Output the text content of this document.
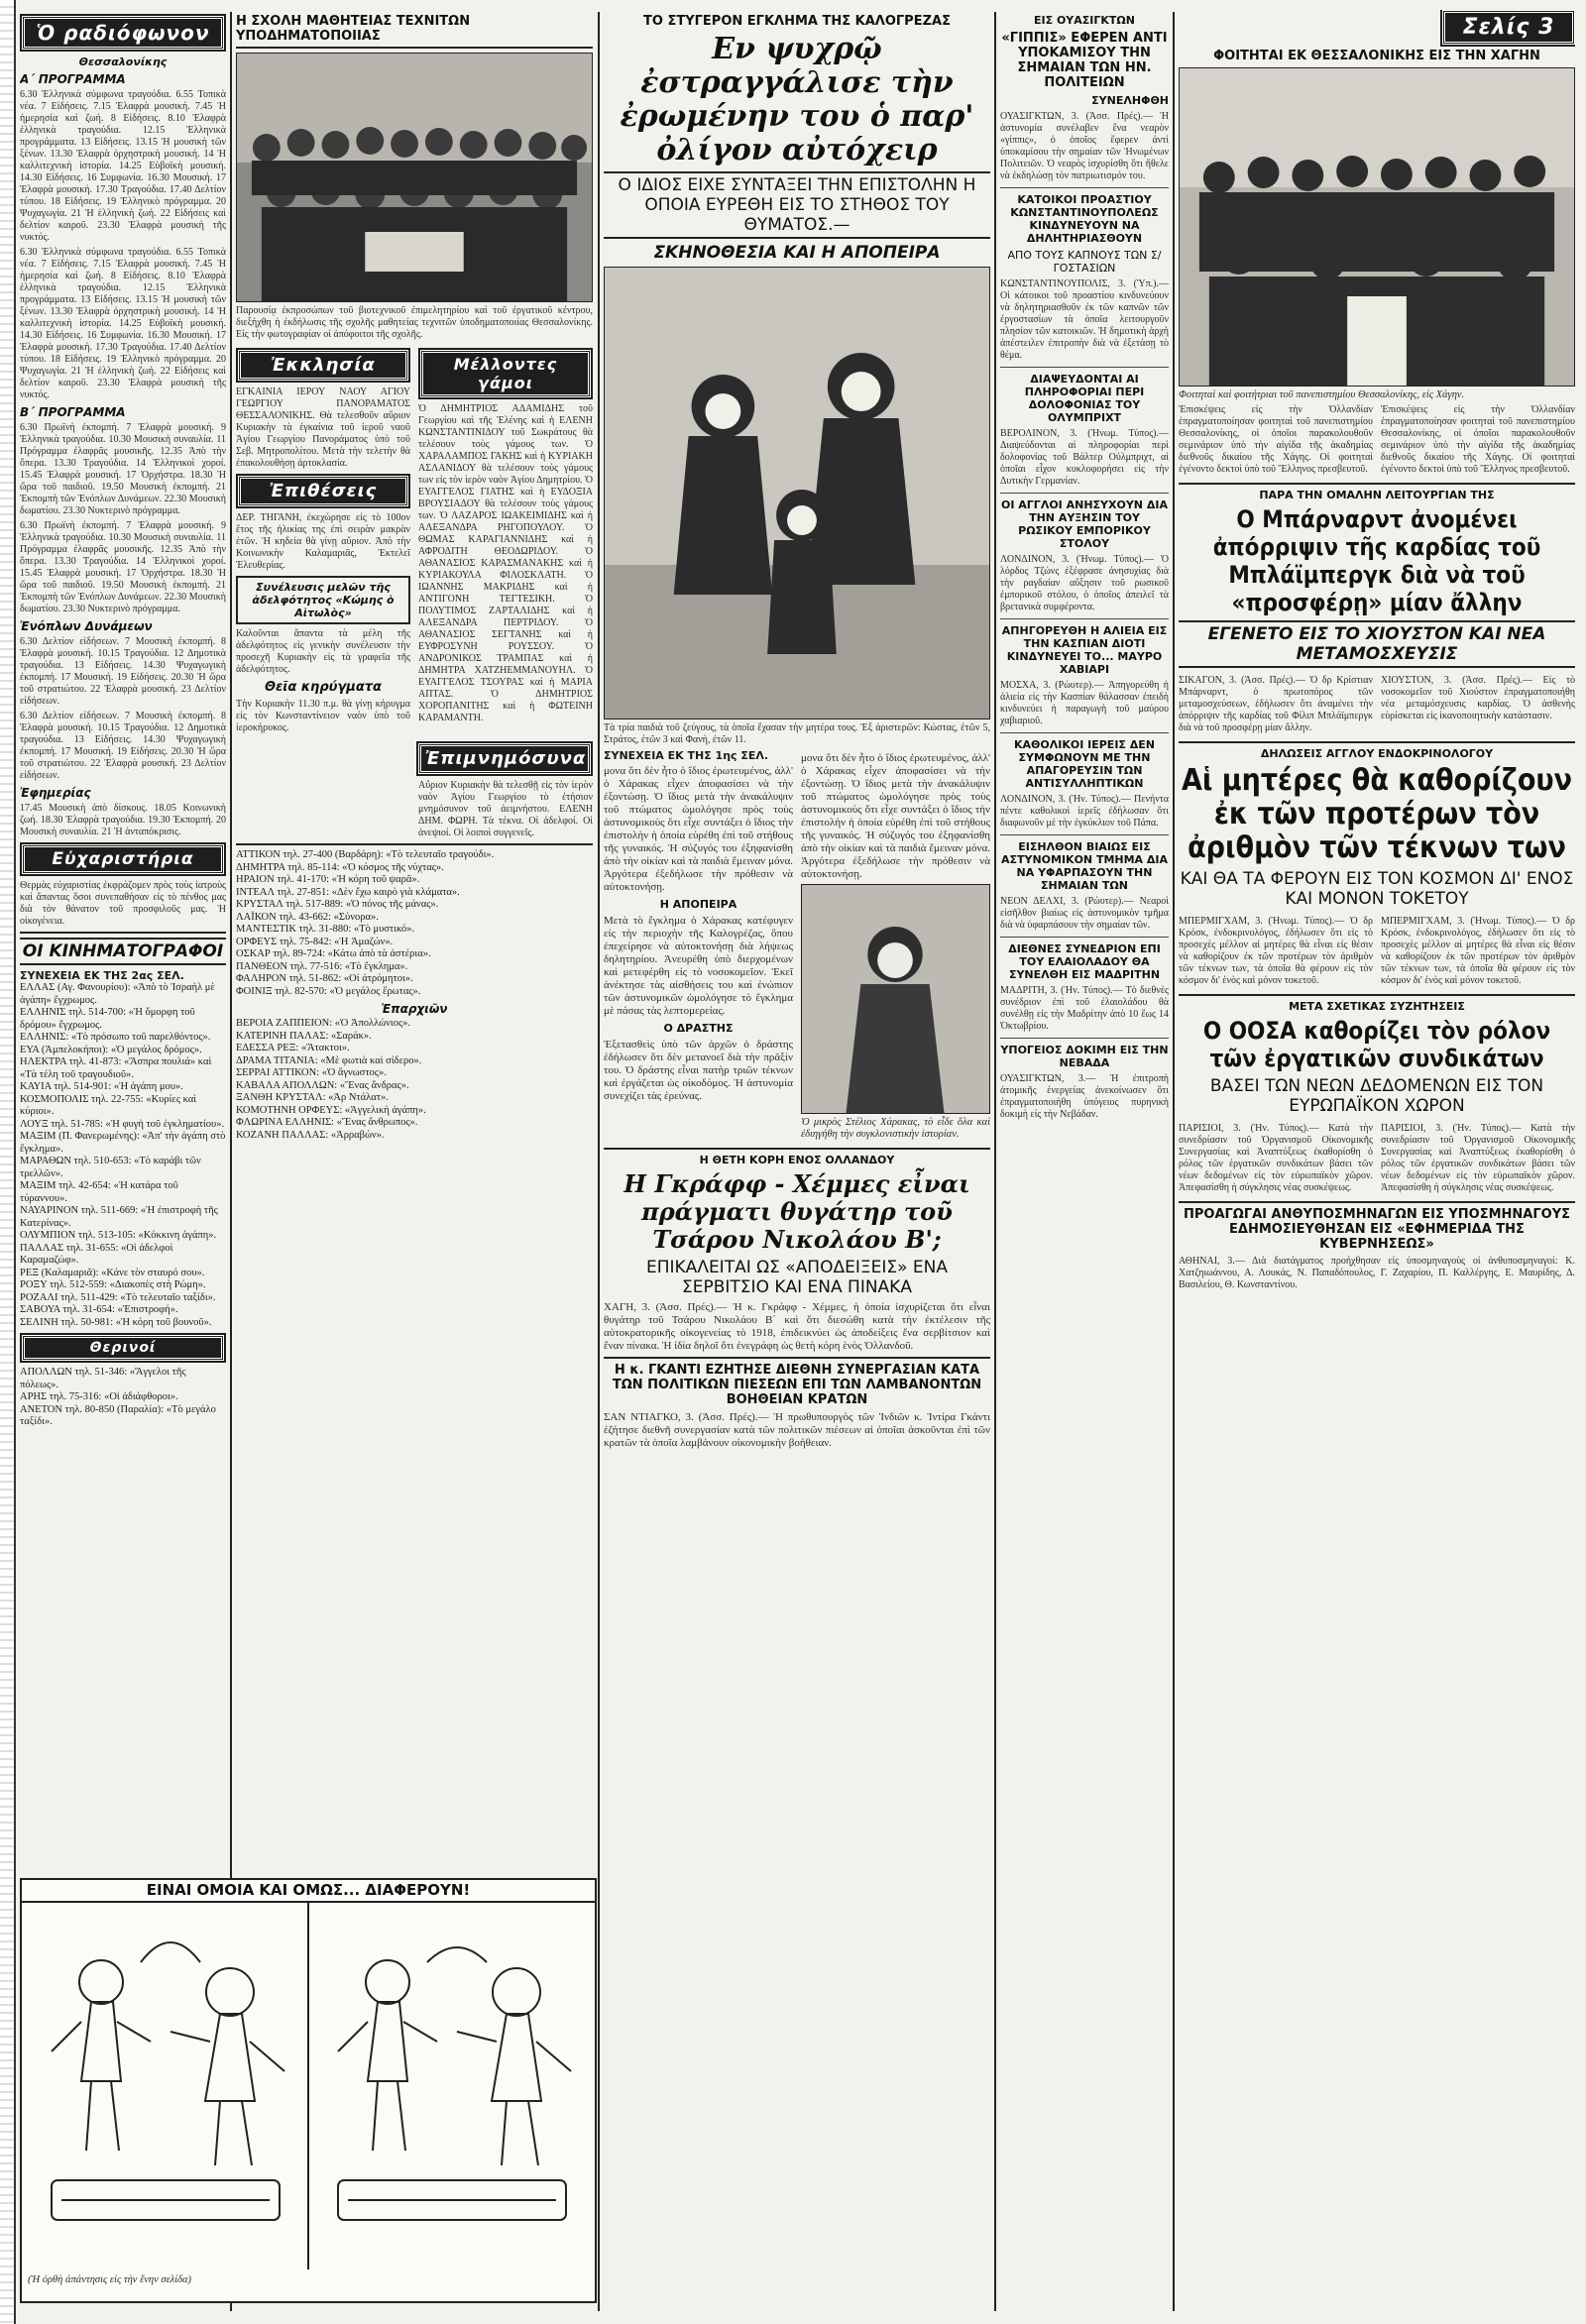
Ὁ ραδιόφωνον
Θεσσαλονίκης
Α΄ ΠΡΟΓΡΑΜΜΑ

6.30 Ἑλληνικὰ σύμφωνα τραγούδια. 6.55 Τοπικὰ νέα. 7 Εἰδήσεις. 7.15 Ἐλαφρὰ μουσική. 7.45 Ἡ ἡμερησία καὶ ζωή. 8 Εἰδήσεις. 8.10 Ἐλαφρὰ ἑλληνικὰ τραγούδια. 12.15 Ἑλληνικὰ προγράμματα. 13 Εἰδήσεις. 13.15 Ἡ μουσικὴ τῶν ξένων. 13.30 Ἐλαφρὰ ὀρχηστρικὴ μουσική. 14 Ἡ καλλιτεχνικὴ ἱστορία. 14.25 Εὐβοϊκὴ μουσική. 14.30 Εἰδήσεις. 16 Συμφωνία. 16.30 Μουσική. 17 Ἐλαφρὰ μουσική. 17.30 Τραγούδια. 17.40 Δελτίον τύπου. 18 Εἰδήσεις. 19 Ἐλληνικὸ πρόγραμμα. 20 Ψυχαγωγία. 21 Ἡ ἑλληνικὴ ζωή. 22 Εἰδήσεις καὶ δελτίον καιροῦ. 23.30 Ἐλαφρὰ μουσικὴ τῆς νυκτός.

6.30 Ἑλληνικὰ σύμφωνα τραγούδια. 6.55 Τοπικὰ νέα. 7 Εἰδήσεις. 7.15 Ἐλαφρὰ μουσική. 7.45 Ἡ ἡμερησία καὶ ζωή. 8 Εἰδήσεις. 8.10 Ἐλαφρὰ ἑλληνικὰ τραγούδια. 12.15 Ἑλληνικὰ προγράμματα. 13 Εἰδήσεις. 13.15 Ἡ μουσικὴ τῶν ξένων. 13.30 Ἐλαφρὰ ὀρχηστρικὴ μουσική. 14 Ἡ καλλιτεχνικὴ ἱστορία. 14.25 Εὐβοϊκὴ μουσική. 14.30 Εἰδήσεις. 16 Συμφωνία. 16.30 Μουσική. 17 Ἐλαφρὰ μουσική. 17.30 Τραγούδια. 17.40 Δελτίον τύπου. 18 Εἰδήσεις. 19 Ἐλληνικὸ πρόγραμμα. 20 Ψυχαγωγία. 21 Ἡ ἑλληνικὴ ζωή. 22 Εἰδήσεις καὶ δελτίον καιροῦ. 23.30 Ἐλαφρὰ μουσικὴ τῆς νυκτός.

Β΄ ΠΡΟΓΡΑΜΜΑ

6.30 Πρωϊνὴ ἐκπομπή. 7 Ἐλαφρὰ μουσική. 9 Ἑλληνικὰ τραγούδια. 10.30 Μουσικὴ συναυλία. 11 Πρόγραμμα ἐλαφρᾶς μουσικῆς. 12.35 Ἀπὸ τὴν ὄπερα. 13.30 Τραγούδια. 14 Ἐλληνικοὶ χοροί. 15.45 Ἐλαφρὰ μουσική. 17 Ὀρχήστρα. 18.30 Ἡ ὥρα τοῦ παιδιοῦ. 19.50 Μουσικὴ ἐκπομπή. 21 Ἐκπομπὴ τῶν Ἐνόπλων Δυνάμεων. 22.30 Μουσικὴ δωματίου. 23.30 Νυκτερινὸ πρόγραμμα.

6.30 Πρωϊνὴ ἐκπομπή. 7 Ἐλαφρὰ μουσική. 9 Ἑλληνικὰ τραγούδια. 10.30 Μουσικὴ συναυλία. 11 Πρόγραμμα ἐλαφρᾶς μουσικῆς. 12.35 Ἀπὸ τὴν ὄπερα. 13.30 Τραγούδια. 14 Ἐλληνικοὶ χοροί. 15.45 Ἐλαφρὰ μουσική. 17 Ὀρχήστρα. 18.30 Ἡ ὥρα τοῦ παιδιοῦ. 19.50 Μουσικὴ ἐκπομπή. 21 Ἐκπομπὴ τῶν Ἐνόπλων Δυνάμεων. 22.30 Μουσικὴ δωματίου. 23.30 Νυκτερινὸ πρόγραμμα.

Ἐνόπλων Δυνάμεων

6.30 Δελτίον εἰδήσεων. 7 Μουσικὴ ἐκπομπή. 8 Ἐλαφρὰ μουσική. 10.15 Τραγούδια. 12 Δημοτικὰ τραγούδια. 13 Εἰδήσεις. 14.30 Ψυχαγωγικὴ ἐκπομπή. 17 Μουσική. 19 Εἰδήσεις. 20.30 Ἡ ὥρα τοῦ στρατιώτου. 22 Ἐλαφρὰ μουσική. 23 Δελτίον εἰδήσεων.

6.30 Δελτίον εἰδήσεων. 7 Μουσικὴ ἐκπομπή. 8 Ἐλαφρὰ μουσική. 10.15 Τραγούδια. 12 Δημοτικὰ τραγούδια. 13 Εἰδήσεις. 14.30 Ψυχαγωγικὴ ἐκπομπή. 17 Μουσική. 19 Εἰδήσεις. 20.30 Ἡ ὥρα τοῦ στρατιώτου. 22 Ἐλαφρὰ μουσική. 23 Δελτίον εἰδήσεων.

Ἐφημερίας

17.45 Μουσικὴ ἀπὸ δίσκους. 18.05 Κοινωνικὴ ζωή. 18.30 Ἐλαφρὰ τραγούδια. 19.30 Ἐκπομπή. 20 Μουσικὴ συναυλία. 21 Ἡ ἀνταπόκρισις.

Εὐχαριστήρια

Θερμὰς εὐχαριστίας ἐκφράζομεν πρὸς τοὺς ἰατροὺς καὶ ἅπαντας ὅσοι συνεπαθήσαν εἰς τὸ πένθος μας διὰ τὸν θάνατον τοῦ προσφιλοῦς μας. Ἡ οἰκογένεια.

ΟΙ ΚΙΝΗΜΑΤΟΓΡΑΦΟΙ
ΣΥΝΕΧΕΙΑ ΕΚ ΤΗΣ 2ας ΣΕΛ.

ΕΛΛΑΣ (Αγ. Φανουρίου): «Ἀπὸ τὸ Ἰσραὴλ μὲ ἀγάπη» ἔγχρωμος.

ΕΛΛΗΝΙΣ τηλ. 514-700: «Ἡ ὄμορφη τοῦ δρόμου» ἔγχρωμος.

ΕΛΛΗΝΙΣ: «Τὸ πρόσωπο τοῦ παρελθόντος».

ΕΥΑ (Ἀμπελοκήποι): «Ὁ μεγάλος δρόμος».

ΗΛΕΚΤΡΑ τηλ. 41-873: «Ἄσπρα πουλιά» καὶ «Τὰ τέλη τοῦ τραγουδιοῦ».

ΚΑΥΙΑ τηλ. 514-901: «Ἡ ἀγάπη μου».

ΚΟΣΜΟΠΟΛΙΣ τηλ. 22-755: «Κυρίες καὶ κύριοι».

ΛΟΥΞ τηλ. 51-785: «Ἡ φυγὴ τοῦ ἐγκληματίου».

ΜΑΞΙΜ (Π. Φανερωμένης): «Ἀπ' τὴν ἀγάπη στὸ ἔγκλημα».

ΜΑΡΑΘΩΝ τηλ. 510-653: «Τὸ καράβι τῶν τρελλῶν».

ΜΑΞΙΜ τηλ. 42-654: «Ἡ κατάρα τοῦ τύραννου».

ΝΑΥΑΡΙΝΟΝ τηλ. 511-669: «Ἡ ἐπιστροφὴ τῆς Κατερίνας».

ΟΛΥΜΠΙΟΝ τηλ. 513-105: «Κόκκινη ἀγάπη».

ΠΑΛΛΑΣ τηλ. 31-655: «Οἱ ἀδελφοὶ Καραμαζώφ».

ΡΕΞ (Καλαμαριᾶ): «Κάνε τὸν σταυρό σου».

ΡΟΞΥ τηλ. 512-559: «Διακοπὲς στὴ Ρώμη».

ΡΟΖΑΛΙ τηλ. 511-429: «Τὸ τελευταῖο ταξίδι».

ΣΑΒΟΥΑ τηλ. 31-654: «Ἐπιστροφή».

ΣΕΛΙΝΗ τηλ. 50-981: «Ἡ κόρη τοῦ βουνοῦ».

Θερινοί

ΑΠΟΛΛΩΝ τηλ. 51-346: «Ἄγγελοι τῆς πόλεως».

ΑΡΗΣ τηλ. 75-316: «Οἱ ἀδιάφθοροι».

ΑΝΕΤΟΝ τηλ. 80-850 (Παραλία): «Τὸ μεγάλο ταξίδι».

ΕΙΝΑΙ ΟΜΟΙΑ ΚΑΙ ΟΜΩΣ... ΔΙΑΦΕΡΟΥΝ!
(Ἡ ὀρθὴ ἀπάντησις εἰς τὴν ἕνην σελίδα)
Η ΣΧΟΛΗ ΜΑΘΗΤΕΙΑΣ ΤΕΧΝΙΤΩΝ ΥΠΟΔΗΜΑΤΟΠΟΙΙΑΣ

Παρουσίᾳ ἐκπροσώπων τοῦ βιοτεχνικοῦ ἐπιμελητηρίου καὶ τοῦ ἐργατικοῦ κέντρου, διεξήχθη ἡ ἐκδήλωσις τῆς σχολῆς μαθητείας τεχνιτῶν ὑποδηματοποιίας Θεσσαλονίκης. Εἰς τὴν φωτογραφίαν οἱ ἀπόφοιτοι τῆς σχολῆς.

Ἐκκλησία

ΕΓΚΑΙΝΙΑ ΙΕΡΟΥ ΝΑΟΥ ΑΓΙΟΥ ΓΕΩΡΓΙΟΥ ΠΑΝΟΡΑΜΑΤΟΣ ΘΕΣΣΑΛΟΝΙΚΗΣ. Θὰ τελεσθοῦν αὔριον Κυριακὴν τὰ ἐγκαίνια τοῦ ἱεροῦ ναοῦ Ἁγίου Γεωργίου Πανοράματος ὑπὸ τοῦ Σεβ. Μητροπολίτου. Μετὰ τὴν τελετὴν θὰ ἐπακολουθήσῃ ἀρτοκλασία.

Ἐπιθέσεις

ΔΕΡ. ΤΗΓΑΝΗ, ἐκεχώρησε εἰς τὸ 100ον ἔτος τῆς ἡλικίας της ἐπὶ σειρὰν μακρὰν ἐτῶν. Ἡ κηδεία θὰ γίνῃ αὔριον. Ἀπὸ τὴν Κοινωνικὴν Καλαμαριᾶς, Ἐκτελεῖ Ἐλευθερίας.

Συνέλευσις μελῶν τῆς ἀδελφότητος «Κώμης ὁ Αἰτωλὸς»

Καλοῦνται ἅπαντα τὰ μέλη τῆς ἀδελφότητος εἰς γενικὴν συνέλευσιν τὴν προσεχῆ Κυριακὴν εἰς τὰ γραφεῖα τῆς ἀδελφότητος.

Θεῖα κηρύγματα

Τὴν Κυριακὴν 11.30 π.μ. θὰ γίνῃ κήρυγμα εἰς τὸν Κωνσταντίνειον ναὸν ὑπὸ τοῦ ἱεροκήρυκος.

Μέλλοντες γάμοι

Ὁ ΔΗΜΗΤΡΙΟΣ ΑΔΑΜΙΔΗΣ τοῦ Γεωργίου καὶ τῆς Ἑλένης καὶ ἡ ΕΛΕΝΗ ΚΩΝΣΤΑΝΤΙΝΙΔΟΥ τοῦ Σωκράτους θὰ τελέσουν τοὺς γάμους των. Ὁ ΧΑΡΑΛΑΜΠΟΣ ΓΑΚΗΣ καὶ ἡ ΚΥΡΙΑΚΗ ΑΣΛΑΝΙΔΟΥ θὰ τελέσουν τοὺς γάμους των εἰς τὸν ἱερὸν ναὸν Ἁγίου Δημητρίου. Ὁ ΕΥΑΓΓΕΛΟΣ ΓΙΑΤΗΣ καὶ ἡ ΕΥΔΟΞΙΑ ΒΡΟΥΣΙΑΔΟΥ θὰ τελέσουν τοὺς γάμους των. Ὁ ΛΑΖΑΡΟΣ ΙΩΑΚΕΙΜΙΔΗΣ καὶ ἡ ΑΛΕΞΑΝΔΡΑ ΡΗΓΟΠΟΥΛΟΥ. Ὁ ΘΩΜΑΣ ΚΑΡΑΓΙΑΝΝΙΔΗΣ καὶ ἡ ΑΦΡΟΔΙΤΗ ΘΕΟΔΩΡΙΔΟΥ. Ὁ ΑΘΑΝΑΣΙΟΣ ΚΑΡΑΣΜΑΝΑΚΗΣ καὶ ἡ ΚΥΡΙΑΚΟΥΛΑ ΦΙΛΟΣΚΛΑΤΗ. Ὁ ΙΩΑΝΝΗΣ ΜΑΚΡΙΔΗΣ καὶ ἡ ΑΝΤΙΓΟΝΗ ΤΕΓΤΕΣΙΚΗ. Ὁ ΠΟΛΥΤΙΜΟΣ ΖΑΡΤΑΛΙΔΗΣ καὶ ἡ ΑΛΕΞΑΝΔΡΑ ΠΕΡΤΡΙΔΟΥ. Ὁ ΑΘΑΝΑΣΙΟΣ ΣΕΓΤΑΝΗΣ καὶ ἡ ΕΥΦΡΟΣΥΝΗ ΡΟΥΣΣΟΥ. Ὁ ΑΝΔΡΟΝΙΚΟΣ ΤΡΑΜΠΑΣ καὶ ἡ ΔΗΜΗΤΡΑ ΧΑΤΖΗΕΜΜΑΝΟΥΗΛ. Ὁ ΕΥΑΓΓΕΛΟΣ ΤΣΟΥΡΑΣ καὶ ἡ ΜΑΡΙΑ ΑΠΤΑΣ. Ὁ ΔΗΜΗΤΡΙΟΣ ΧΟΡΟΠΑΝΙΤΗΣ καὶ ἡ ΦΩΤΕΙΝΗ ΚΑΡΑΜΑΝΤΗ.

Ἐπιμνημόσυνα

Αὔριον Κυριακὴν θὰ τελεσθῇ εἰς τὸν ἱερὸν ναὸν Ἁγίου Γεωργίου τὸ ἐτήσιον μνημόσυνον τοῦ ἀειμνήστου. ΕΛΕΝΗ ΔΗΜ. ΦΩΡΗ. Τὰ τέκνα. Οἱ ἀδελφοί. Οἱ ἀνεψιοί. Οἱ λοιποὶ συγγενεῖς.

ΑΤΤΙΚΟΝ τηλ. 27-400 (Βαρδάρη): «Τὸ τελευταῖο τραγούδι».

ΔΗΜΗΤΡΑ τηλ. 85-114: «Ὁ κόσμος τῆς νύχτας».

ΗΡΑΙΟΝ τηλ. 41-170: «Ἡ κόρη τοῦ ψαρᾶ».

ΙΝΤΕΑΛ τηλ. 27-851: «Δὲν ἔχω καιρὸ γιὰ κλάματα».

ΚΡΥΣΤΑΛ τηλ. 517-889: «Ὁ πόνος τῆς μάνας».

ΛΑΪΚΟΝ τηλ. 43-662: «Σύνορα».

ΜΑΝΤΕΣΤΙΚ τηλ. 31-880: «Τὸ μυστικό».

ΟΡΦΕΥΣ τηλ. 75-842: «Ἡ Ἀμαζών».

ΟΣΚΑΡ τηλ. 89-724: «Κάτω ἀπὸ τὰ ἀστέρια».

ΠΑΝΘΕΟΝ τηλ. 77-516: «Τὸ ἔγκλημα».

ΦΑΛΗΡΟΝ τηλ. 51-862: «Οἱ ἀτρόμητοι».

ΦΟΙΝΙΞ τηλ. 82-570: «Ὁ μεγάλος ἔρωτας».

Ἐπαρχιῶν

ΒΕΡΟΙΑ ΖΑΠΠΕΙΟΝ: «Ὁ Ἀπολλώνιος».

ΚΑΤΕΡΙΝΗ ΠΑΛΑΣ: «Σαράκ».

ΕΔΕΣΣΑ ΡΕΞ: «Ἄτακτοι».

ΔΡΑΜΑ ΤΙΤΑΝΙΑ: «Μὲ φωτιὰ καὶ σίδερο».

ΣΕΡΡΑΙ ΑΤΤΙΚΟΝ: «Ὁ ἄγνωστος».

ΚΑΒΑΛΑ ΑΠΟΛΛΩΝ: «Ἕνας ἄνδρας».

ΞΑΝΘΗ ΚΡΥΣΤΑΛ: «Ἀρ Ντάλατ».

ΚΟΜΟΤΗΝΗ ΟΡΦΕΥΣ: «Ἀγγελικὴ ἀγάπη».

ΦΛΩΡΙΝΑ ΕΛΛΗΝΙΣ: «Ἕνας ἄνθρωπος».

ΚΟΖΑΝΗ ΠΑΛΛΑΣ: «Ἀρραβών».

ΤΟ ΣΤΥΓΕΡΟΝ ΕΓΚΛΗΜΑ ΤΗΣ ΚΑΛΟΓΡΕΖΑΣ
Εν ψυχρῷ ἐστραγγάλισε τὴν ἐρωμένην του ὁ παρ' ὀλίγον αὐτόχειρ
Ο ΙΔΙΟΣ ΕΙΧΕ ΣΥΝΤΑΞΕΙ ΤΗΝ ΕΠΙΣΤΟΛΗΝ Η ΟΠΟΙΑ ΕΥΡΕΘΗ ΕΙΣ ΤΟ ΣΤΗΘΟΣ ΤΟΥ ΘΥΜΑΤΟΣ.—
ΣΚΗΝΟΘΕΣΙΑ ΚΑΙ Η ΑΠΟΠΕΙΡΑ

Τὰ τρία παιδιὰ τοῦ ζεύγους, τὰ ὁποῖα ἔχασαν τὴν μητέρα τους. Ἐξ ἀριστερῶν: Κώστας, ἐτῶν 5, Στράτος, ἐτῶν 3 καὶ Φανὴ, ἐτῶν 11.

ΣΥΝΕΧΕΙΑ ΕΚ ΤΗΣ 1ης ΣΕΛ.

μονα ὅτι δὲν ἦτο ὁ ἴδιος ἐρωτευμένος, ἀλλ' ὁ Χάρακας εἶχεν ἀποφασίσει νὰ τὴν ἐξοντώσῃ. Ὁ ἴδιος μετὰ τὴν ἀνακάλυψιν τοῦ πτώματος ὡμολόγησε πρὸς τοὺς ἀστυνομικοὺς ὅτι εἶχε συντάξει ὁ ἴδιος τὴν ἐπιστολὴν ἡ ὁποία εὑρέθη ἐπὶ τοῦ στήθους τῆς γυναικός. Ἡ σύζυγός του ἐξηφανίσθη ἀπὸ τὴν οἰκίαν καὶ τὰ παιδιὰ ἔμειναν μόνα. Ἀργότερα ἐξεδήλωσε τὴν πρόθεσιν νὰ αὐτοκτονήσῃ.

Η ΑΠΟΠΕΙΡΑ

Μετὰ τὸ ἔγκλημα ὁ Χάρακας κατέφυγεν εἰς τὴν περιοχὴν τῆς Καλογρέζας, ὅπου ἐπεχείρησε νὰ αὐτοκτονήσῃ διὰ λήψεως δηλητηρίου. Ἀνευρέθη ὑπὸ διερχομένων καὶ μετεφέρθη εἰς τὸ νοσοκομεῖον. Ἐκεῖ ἀνέκτησε τὰς αἰσθήσεις του καὶ ἐνώπιον τῶν ἀστυνομικῶν ὡμολόγησε τὸ ἔγκλημα μὲ πάσας τὰς λεπτομερείας.

Ο ΔΡΑΣΤΗΣ

Ἐξετασθεὶς ὑπὸ τῶν ἀρχῶν ὁ δράστης ἐδήλωσεν ὅτι δὲν μετανοεῖ διὰ τὴν πρᾶξίν του. Ὁ δράστης εἶναι πατὴρ τριῶν τέκνων καὶ ἐργάζεται ὡς οἰκοδόμος. Ἡ ἀστυνομία συνεχίζει τὰς ἐρεύνας.

μονα ὅτι δὲν ἦτο ὁ ἴδιος ἐρωτευμένος, ἀλλ' ὁ Χάρακας εἶχεν ἀποφασίσει νὰ τὴν ἐξοντώσῃ. Ὁ ἴδιος μετὰ τὴν ἀνακάλυψιν τοῦ πτώματος ὡμολόγησε πρὸς τοὺς ἀστυνομικοὺς ὅτι εἶχε συντάξει ὁ ἴδιος τὴν ἐπιστολὴν ἡ ὁποία εὑρέθη ἐπὶ τοῦ στήθους τῆς γυναικός. Ἡ σύζυγός του ἐξηφανίσθη ἀπὸ τὴν οἰκίαν καὶ τὰ παιδιὰ ἔμειναν μόνα. Ἀργότερα ἐξεδήλωσε τὴν πρόθεσιν νὰ αὐτοκτονήσῃ.

Ὁ μικρὸς Στέλιος Χάρακας, τὸ εἶδε ὅλα καὶ ἐδιηγήθη τὴν συγκλονιστικὴν ἱστορίαν.

Η ΘΕΤΗ ΚΟΡΗ ΕΝΟΣ ΟΛΛΑΝΔΟΥ
Η Γκράφφ - Χέμμες εἶναι πράγματι θυγάτηρ τοῦ Τσάρου Νικολάου Β';
ΕΠΙΚΑΛΕΙΤΑΙ ΩΣ «ΑΠΟΔΕΙΞΕΙΣ» ΕΝΑ ΣΕΡΒΙΤΣΙΟ ΚΑΙ ΕΝΑ ΠΙΝΑΚΑ

ΧΑΓΗ, 3. (Ἀσσ. Πρές).— Ἡ κ. Γκράφφ - Χέμμες, ἡ ὁποία ἰσχυρίζεται ὅτι εἶναι θυγάτηρ τοῦ Τσάρου Νικολάου Β΄ καὶ ὅτι διεσώθη κατὰ τὴν ἐκτέλεσιν τῆς αὐτοκρατορικῆς οἰκογενείας τὸ 1918, ἐπιδεικνύει ὡς ἀποδείξεις ἕνα σερβίτσιον καὶ ἕναν πίνακα. Ἡ ἰδία δηλοῖ ὅτι ἐνεγράφη ὡς θετὴ κόρη ἑνὸς Ὀλλανδοῦ.

Η κ. ΓΚΑΝΤΙ ΕΖΗΤΗΣΕ ΔΙΕΘΝΗ ΣΥΝΕΡΓΑΣΙΑΝ ΚΑΤΑ ΤΩΝ ΠΟΛΙΤΙΚΩΝ ΠΙΕΣΕΩΝ ΕΠΙ ΤΩΝ ΛΑΜΒΑΝΟΝΤΩΝ ΒΟΗΘΕΙΑΝ ΚΡΑΤΩΝ

ΣΑΝ ΝΤΙΑΓΚΟ, 3. (Ἀσσ. Πρές).— Ἡ πρωθυπουργὸς τῶν Ἰνδιῶν κ. Ἰντίρα Γκάντι ἐζήτησε διεθνῆ συνεργασίαν κατὰ τῶν πολιτικῶν πιέσεων αἱ ὁποῖαι ἀσκοῦνται ἐπὶ τῶν κρατῶν τὰ ὁποῖα λαμβάνουν οἰκονομικὴν βοήθειαν.

ΕΙΣ ΟΥΑΣΙΓΚΤΩΝ
«ΓΙΠΠΙΣ» ΕΦΕΡΕΝ ΑΝΤΙ ΥΠΟΚΑΜΙΣΟΥ ΤΗΝ ΣΗΜΑΙΑΝ ΤΩΝ ΗΝ. ΠΟΛΙΤΕΙΩΝ
ΣΥΝΕΛΗΦΘΗ

ΟΥΑΣΙΓΚΤΩΝ, 3. (Ἀσσ. Πρές).— Ἡ ἀστυνομία συνέλαβεν ἕνα νεαρὸν «γίππις», ὁ ὁποῖος ἔφερεν ἀντὶ ὑποκαμίσου τὴν σημαίαν τῶν Ἡνωμένων Πολιτειῶν. Ὁ νεαρὸς ἰσχυρίσθη ὅτι ἤθελε νὰ ἐκδηλώσῃ τὸν πατριωτισμόν του.

ΚΑΤΟΙΚΟΙ ΠΡΟΑΣΤΙΟΥ ΚΩΝΣΤΑΝΤΙΝΟΥΠΟΛΕΩΣ ΚΙΝΔΥΝΕΥΟΥΝ ΝΑ ΔΗΛΗΤΗΡΙΑΣΘΟΥΝ
ΑΠΟ ΤΟΥΣ ΚΑΠΝΟΥΣ ΤΩΝ Σ/ΓΟΣΤΑΣΙΩΝ

ΚΩΝΣΤΑΝΤΙΝΟΥΠΟΛΙΣ, 3. (Ὑπ.).— Οἱ κάτοικοι τοῦ προαστίου κινδυνεύουν νὰ δηλητηριασθοῦν ἐκ τῶν καπνῶν τῶν ἐργοστασίων τὰ ὁποῖα λειτουργοῦν πλησίον τῶν κατοικιῶν. Ἡ δημοτικὴ ἀρχὴ ἀπέστειλεν ἐπιτροπὴν διὰ νὰ ἐξετάσῃ τὸ θέμα.

ΔΙΑΨΕΥΔΟΝΤΑΙ ΑΙ ΠΛΗΡΟΦΟΡΙΑΙ ΠΕΡΙ ΔΟΛΟΦΟΝΙΑΣ ΤΟΥ ΟΛΥΜΠΡΙΧΤ

ΒΕΡΟΛΙΝΟΝ, 3. (Ἡνωμ. Τύπος).— Διαψεύδονται αἱ πληροφορίαι περὶ δολοφονίας τοῦ Βάλτερ Οὐλμπριχτ, αἱ ὁποῖαι εἶχον κυκλοφορήσει εἰς τὴν Δυτικὴν Γερμανίαν.

ΟΙ ΑΓΓΛΟΙ ΑΝΗΣΥΧΟΥΝ ΔΙΑ ΤΗΝ ΑΥΞΗΣΙΝ ΤΟΥ ΡΩΣΙΚΟΥ ΕΜΠΟΡΙΚΟΥ ΣΤΟΛΟΥ

ΛΟΝΔΙΝΟΝ, 3. (Ἡνωμ. Τύπος).— Ὁ λόρδος Τζώνς ἐξέφρασε ἀνησυχίας διὰ τὴν ραγδαίαν αὔξησιν τοῦ ρωσικοῦ ἐμπορικοῦ στόλου, ὁ ὁποῖος ἀπειλεῖ τὰ βρετανικὰ συμφέροντα.

ΑΠΗΓΟΡΕΥΘΗ Η ΑΛΙΕΙΑ ΕΙΣ ΤΗΝ ΚΑΣΠΙΑΝ ΔΙΟΤΙ ΚΙΝΔΥΝΕΥΕΙ ΤΟ... ΜΑΥΡΟ ΧΑΒΙΑΡΙ

ΜΟΣΧΑ, 3. (Ρώυτερ).— Ἀπηγορεύθη ἡ ἁλιεία εἰς τὴν Κασπίαν θάλασσαν ἐπειδὴ κινδυνεύει ἡ παραγωγὴ τοῦ μαύρου χαβιαριοῦ.

ΚΑΘΟΛΙΚΟΙ ΙΕΡΕΙΣ ΔΕΝ ΣΥΜΦΩΝΟΥΝ ΜΕ ΤΗΝ ΑΠΑΓΟΡΕΥΣΙΝ ΤΩΝ ΑΝΤΙΣΥΛΛΗΠΤΙΚΩΝ

ΛΟΝΔΙΝΟΝ, 3. (Ἡν. Τύπος).— Πενήντα πέντε καθολικοὶ ἱερεῖς ἐδήλωσαν ὅτι διαφωνοῦν μὲ τὴν ἐγκύκλιον τοῦ Πάπα.

ΕΙΣΗΛΘΟΝ ΒΙΑΙΩΣ ΕΙΣ ΑΣΤΥΝΟΜΙΚΟΝ ΤΜΗΜΑ ΔΙΑ ΝΑ ΥΦΑΡΠΑΣΟΥΝ ΤΗΝ ΣΗΜΑΙΑΝ ΤΩΝ

ΝΕΟΝ ΔΕΛΧΙ, 3. (Ρώυτερ).— Νεαροὶ εἰσῆλθον βιαίως εἰς ἀστυνομικὸν τμῆμα διὰ νὰ ὑφαρπάσουν τὴν σημαίαν τῶν.

ΔΙΕΘΝΕΣ ΣΥΝΕΔΡΙΟΝ ΕΠΙ ΤΟΥ ΕΛΑΙΟΛΑΔΟΥ ΘΑ ΣΥΝΕΛΘΗ ΕΙΣ ΜΑΔΡΙΤΗΝ

ΜΑΔΡΙΤΗ, 3. (Ἡν. Τύπος).— Τὸ διεθνὲς συνέδριον ἐπὶ τοῦ ἐλαιολάδου θὰ συνέλθῃ εἰς τὴν Μαδρίτην ἀπὸ 10 ἕως 14 Ὀκτωβρίου.

ΥΠΟΓΕΙΟΣ ΔΟΚΙΜΗ ΕΙΣ ΤΗΝ ΝΕΒΑΔΑ

ΟΥΑΣΙΓΚΤΩΝ, 3.— Ἡ ἐπιτροπὴ ἀτομικῆς ἐνεργείας ἀνεκοίνωσεν ὅτι ἐπραγματοποιήθη ὑπόγειος πυρηνικὴ δοκιμὴ εἰς τὴν Νεβάδαν.

Σελίς 3
ΦΟΙΤΗΤΑΙ ΕΚ ΘΕΣΣΑΛΟΝΙΚΗΣ ΕΙΣ ΤΗΝ ΧΑΓΗΝ

Φοιτηταὶ καὶ φοιτήτριαι τοῦ πανεπιστημίου Θεσσαλονίκης, εἰς Χάγην.

Ἐπισκέψεις εἰς τὴν Ὀλλανδίαν ἐπραγματοποίησαν φοιτηταὶ τοῦ πανεπιστημίου Θεσσαλονίκης, οἱ ὁποῖοι παρακολουθοῦν σεμινάριον ὑπὸ τὴν αἰγίδα τῆς ἀκαδημίας διεθνοῦς δικαίου τῆς Χάγης. Οἱ φοιτηταὶ ἐγένοντο δεκτοὶ ὑπὸ τοῦ Ἕλληνος πρεσβευτοῦ.

Ἐπισκέψεις εἰς τὴν Ὀλλανδίαν ἐπραγματοποίησαν φοιτηταὶ τοῦ πανεπιστημίου Θεσσαλονίκης, οἱ ὁποῖοι παρακολουθοῦν σεμινάριον ὑπὸ τὴν αἰγίδα τῆς ἀκαδημίας διεθνοῦς δικαίου τῆς Χάγης. Οἱ φοιτηταὶ ἐγένοντο δεκτοὶ ὑπὸ τοῦ Ἕλληνος πρεσβευτοῦ.

ΠΑΡΑ ΤΗΝ ΟΜΑΛΗΝ ΛΕΙΤΟΥΡΓΙΑΝ ΤΗΣ
Ο Μπάρναρντ ἀνομένει ἀπόρριψιν τῆς καρδίας τοῦ Μπλάϊμπεργκ διὰ νὰ τοῦ «προσφέρῃ» μίαν ἄλλην
ΕΓΕΝΕΤΟ ΕΙΣ ΤΟ ΧΙΟΥΣΤΟΝ ΚΑΙ ΝΕΑ ΜΕΤΑΜΟΣΧΕΥΣΙΣ

ΣΙΚΑΓΟΝ, 3. (Ἀσσ. Πρές).— Ὁ δρ Κρίστιαν Μπάρναρντ, ὁ πρωτοπόρος τῶν μεταμοσχεύσεων, ἐδήλωσεν ὅτι ἀναμένει τὴν ἀπόρριψιν τῆς καρδίας τοῦ Φίλιπ Μπλάϊμπεργκ διὰ νὰ τοῦ προσφέρῃ μίαν ἄλλην.

ΧΙΟΥΣΤΟΝ, 3. (Ἀσσ. Πρές).— Εἰς τὸ νοσοκομεῖον τοῦ Χιούστον ἐπραγματοποιήθη νέα μεταμόσχευσις καρδίας. Ὁ ἀσθενὴς εὑρίσκεται εἰς ἱκανοποιητικὴν κατάστασιν.

ΔΗΛΩΣΕΙΣ ΑΓΓΛΟΥ ΕΝΔΟΚΡΙΝΟΛΟΓΟΥ
Αἱ μητέρες θὰ καθορίζουν ἐκ τῶν προτέρων τὸν ἀριθμὸν τῶν τέκνων των
ΚΑΙ ΘΑ ΤΑ ΦΕΡΟΥΝ ΕΙΣ ΤΟΝ ΚΟΣΜΟΝ ΔΙ' ΕΝΟΣ ΚΑΙ ΜΟΝΟΝ ΤΟΚΕΤΟΥ

ΜΠΕΡΜΙΓΧΑΜ, 3. (Ἡνωμ. Τύπος).— Ὁ δρ Κρόσκ, ἐνδοκρινολόγος, ἐδήλωσεν ὅτι εἰς τὸ προσεχὲς μέλλον αἱ μητέρες θὰ εἶναι εἰς θέσιν νὰ καθορίζουν ἐκ τῶν προτέρων τὸν ἀριθμὸν τῶν τέκνων των, τὰ ὁποῖα θὰ φέρουν εἰς τὸν κόσμον δι' ἑνὸς καὶ μόνον τοκετοῦ.

ΜΠΕΡΜΙΓΧΑΜ, 3. (Ἡνωμ. Τύπος).— Ὁ δρ Κρόσκ, ἐνδοκρινολόγος, ἐδήλωσεν ὅτι εἰς τὸ προσεχὲς μέλλον αἱ μητέρες θὰ εἶναι εἰς θέσιν νὰ καθορίζουν ἐκ τῶν προτέρων τὸν ἀριθμὸν τῶν τέκνων των, τὰ ὁποῖα θὰ φέρουν εἰς τὸν κόσμον δι' ἑνὸς καὶ μόνον τοκετοῦ.

ΜΕΤΑ ΣΧΕΤΙΚΑΣ ΣΥΖΗΤΗΣΕΙΣ
Ο ΟΟΣΑ καθορίζει τὸν ρόλον τῶν ἐργατικῶν συνδικάτων
ΒΑΣΕΙ ΤΩΝ ΝΕΩΝ ΔΕΔΟΜΕΝΩΝ ΕΙΣ ΤΟΝ ΕΥΡΩΠΑΪΚΟΝ ΧΩΡΟΝ

ΠΑΡΙΣΙΟΙ, 3. (Ἡν. Τύπος).— Κατὰ τὴν συνεδρίασιν τοῦ Ὀργανισμοῦ Οἰκονομικῆς Συνεργασίας καὶ Ἀναπτύξεως ἐκαθορίσθη ὁ ρόλος τῶν ἐργατικῶν συνδικάτων βάσει τῶν νέων δεδομένων εἰς τὸν εὐρωπαϊκὸν χῶρον. Ἀπεφασίσθη ἡ σύγκλησις νέας συσκέψεως.

ΠΑΡΙΣΙΟΙ, 3. (Ἡν. Τύπος).— Κατὰ τὴν συνεδρίασιν τοῦ Ὀργανισμοῦ Οἰκονομικῆς Συνεργασίας καὶ Ἀναπτύξεως ἐκαθορίσθη ὁ ρόλος τῶν ἐργατικῶν συνδικάτων βάσει τῶν νέων δεδομένων εἰς τὸν εὐρωπαϊκὸν χῶρον. Ἀπεφασίσθη ἡ σύγκλησις νέας συσκέψεως.

ΠΡΟΑΓΩΓΑΙ ΑΝΘΥΠΟΣΜΗΝΑΓΩΝ ΕΙΣ ΥΠΟΣΜΗΝΑΓΟΥΣ ΕΔΗΜΟΣΙΕΥΘΗΣΑΝ ΕΙΣ «ΕΦΗΜΕΡΙΔΑ ΤΗΣ ΚΥΒΕΡΝΗΣΕΩΣ»

ΑΘΗΝΑΙ, 3.— Διὰ διατάγματος προήχθησαν εἰς ὑποσμηναγοὺς οἱ ἀνθυποσμηναγοί: Κ. Χατζηιωάννου, Α. Λουκάς, Ν. Παπαδόπουλος, Γ. Ζαχαρίου, Π. Καλλέργης, Ε. Μαυρίδης, Δ. Βασιλείου, Θ. Κωνσταντίνου.
